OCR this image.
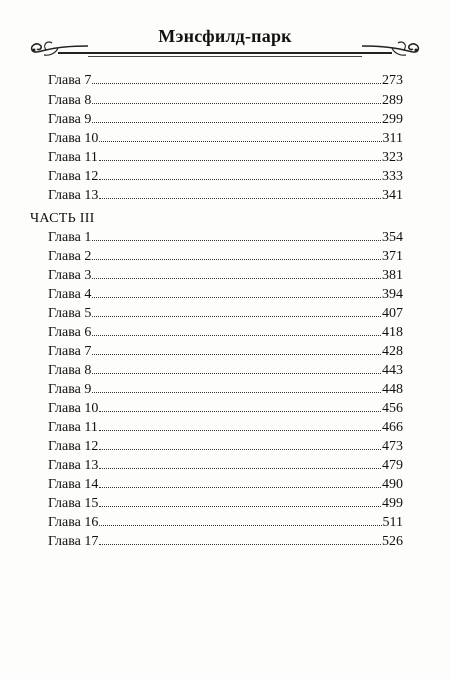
Мэнсфилд-парк
Глава 7	273
Глава 8	289
Глава 9	299
Глава 10	311
Глава 11	323
Глава 12	333
Глава 13	341
ЧАСТЬ III
Глава 1	354
Глава 2	371
Глава 3	381
Глава 4	394
Глава 5	407
Глава 6	418
Глава 7	428
Глава 8	443
Глава 9	448
Глава 10	456
Глава 11	466
Глава 12	473
Глава 13	479
Глава 14	490
Глава 15	499
Глава 16	511
Глава 17	526
